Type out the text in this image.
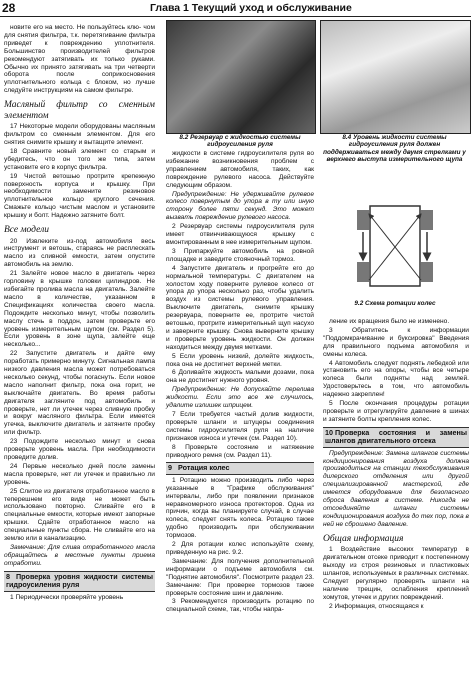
28	Глава 1 Текущий уход и обслуживание

новите его на место. Не пользуйтесь клю- чом для снятия фильтра, т.к. перетягивание фильтра приведет к повреждению уплотнителя. Большинство производителей фильтров рекомендуют затягивать их только руками. Обычно их принято затягивать на три четверти оборота после соприкосновения уплотнительного кольца с блоком, но лучше следуйте инструкциям на самом фильтре.

Масляный фильтр со сменным элементом

17 Некоторые модели оборудованы масляным фильтром со сменным элементом. Для его снятия снимите крышку и вытащите элемент.

18 Сравните новый элемент со старым и убедитесь, что он того же типа, затем установите его в корпус фильтра.

19 Чистой ветошью протрите крепежную поверхность корпуса и крышку. При необходимости замените резиновое уплотнительное кольцо круглого сечения. Смажьте кольцо чистым маслом и установите крышку и болт. Надежно затяните болт.

Все модели

20 Извлеките из-под автомобиля весь инструмент и ветошь, стараясь не расплескать масло из сливной емкости, затем опустите автомобиль на землю.

21 Залейте новое масло в двигатель через горловину в крышке головки цилиндров. Не избегайте пролива масла на двигатель. Залейте масло в количестве, указанном в Спецификациях количества своего масла. Подождите несколько минут, чтобы позволить маслу стечь в поддон, затем проверьте его уровень измерительным щупом (см. Раздел 5). Если уровень в зоне щупа, залейте еще несколько...

22 Запустите двигатель и дайте ему поработать примерно минуту. Сигнальная лампа низкого давления масла может потребоваться несколько секунд, чтобы погаснуть. Если новое масло наполнит фильтр, пока она горит, не выключайте двигатель. Во время работы двигателя загляните под автомобиль и проверьте, нет ли утечек через сливную пробку и вокруг масляного фильтра. Если имеется утечка, выключите двигатель и затяните пробку или фильтр.

23 Подождите несколько минут и снова проверьте уровень масла. При необходимости проведите долив.

24 Первые несколько дней после замены масла проверьте, нет ли утечек и правильно ли уровень.

25 Слитое из двигателя отработанное масло в теперешнем его виде не может быть использовано повторно. Сливайте его в специальные емкости, которые имеют запорные крышки. Сдайте отработанное масло на специальные пункты сбора. Не сливайте его на землю или в канализацию.

Замечание: Для слива отработанного масла обращайтесь в местные пункты приема отработки.

8 Проверка уровня жидкости системы гидроусиления руля

1 Периодически проверяйте уровень

8.2 Резервуар с жидкостью системы гидроусиления руля
8.4 Уровень жидкости системы гидроусиления руля должен поддерживаться между двумя стрелками у верхнего выступа измерительного щупа
9.2 Схема ротации колес

жидкости в системе гидроусилителя руля во избежание возникновения проблем с управлением автомобиля, таких, как повреждение рулевого насоса. Действуйте следующим образом.

Предупреждение: Не удерживайте рулевое колесо повернутым до упора в ту или иную сторону более пяти секунд. Это может вызвать повреждение рулевого насоса.

2 Резервуар системы гидроусилителя руля имеет отвинчивающуюся крышку с вмонтированным в нее измерительным щупом.

3 Припаркуйте автомобиль на ровной площадке и заведите стояночный тормоз.

4 Запустите двигатель и прогрейте его до нормальной температуры. С двигателем на холостом ходу поверните рулевое колесо от упора до упора несколько раз, чтобы удалить воздух из системы рулевого управления. Выключите двигатель, снимите крышку резервуара, поверните ее, протрите чистой ветошью, протрите измерительный щуп насухо и заверните крышку. Снова выверните крышку и проверьте уровень жидкости. Он должен находиться между двумя метками.

5 Если уровень низкий, долейте жидкость, пока она не достигнет верхней метки.

6 Доливайте жидкость малыми дозами, пока она не достигнет нужного уровня.

Предупреждение: Не допускайте перелива жидкости. Если это все же случилось, удалите излишек шприцем.

7 Если требуется частый долив жидкости, проверьте шланги и штуцеры соединения системы гидроусилителя руля на наличие признаков износа и утечек (см. Раздел 10).

8 Проверьте состояние и натяжение приводного ремня (см. Раздел 11).

9 Ротация колес

1 Ротацию можно производить либо через указанные в "Графике обслуживания" интервалы, либо при появлении признаков неравномерного износа протекторов. Одна из причин, когда вы планируете случай, в случае колеса, следует снять колеса. Ротацию также удобно производить при обслуживании тормозов.

2 Для ротации колес используйте схему, приведенную на рис. 9.2.

Замечание: Для получения дополнительной информации о подъеме автомобиля см. "Поднятие автомобиля". Посмотрите раздел 23. Замечание: При проверке тормозов также проверьте состояние шин и давление.

3 Рекомендуется производить ротацию по специальной схеме, так, чтобы напра-

ление их вращения было не изменено.

3 Обратитесь к информации "Поддомкрачивание и буксировка" Введения для правильного подъема автомобиля и смены колеса.

4 Автомобиль следует поднять лебедкой или установить его на опоры, чтобы все четыре колеса были подняты над землей. Удостоверьтесь в том, что автомобиль надежно закреплен!

5 После окончания процедуры ротации проверьте и отрегулируйте давление в шинах и затяните болты крепления колес.

10 Проверка состояния и замены шлангов двигательного отсека

Предупреждение: Замена шлангов системы кондиционирования воздуха должна производиться на станции техобслуживания дилерского отделения или другой специализированной мастерской, где имеется оборудование для безопасного сброса давления в системе. Никогда не отсоединяйте шланги системы кондиционирования воздуха до тех пор, пока в ней не сброшено давление.

Общая информация

1 Воздействие высоких температур в двигательном отсеке приводит к постепенному выходу из строя резиновых и пластиковых шлангов, используемых в различных системах. Следует регулярно проверять шланги на наличие трещин, ослабления креплений хомутов, утечек и других повреждений.

2 Информация, относящаяся к
